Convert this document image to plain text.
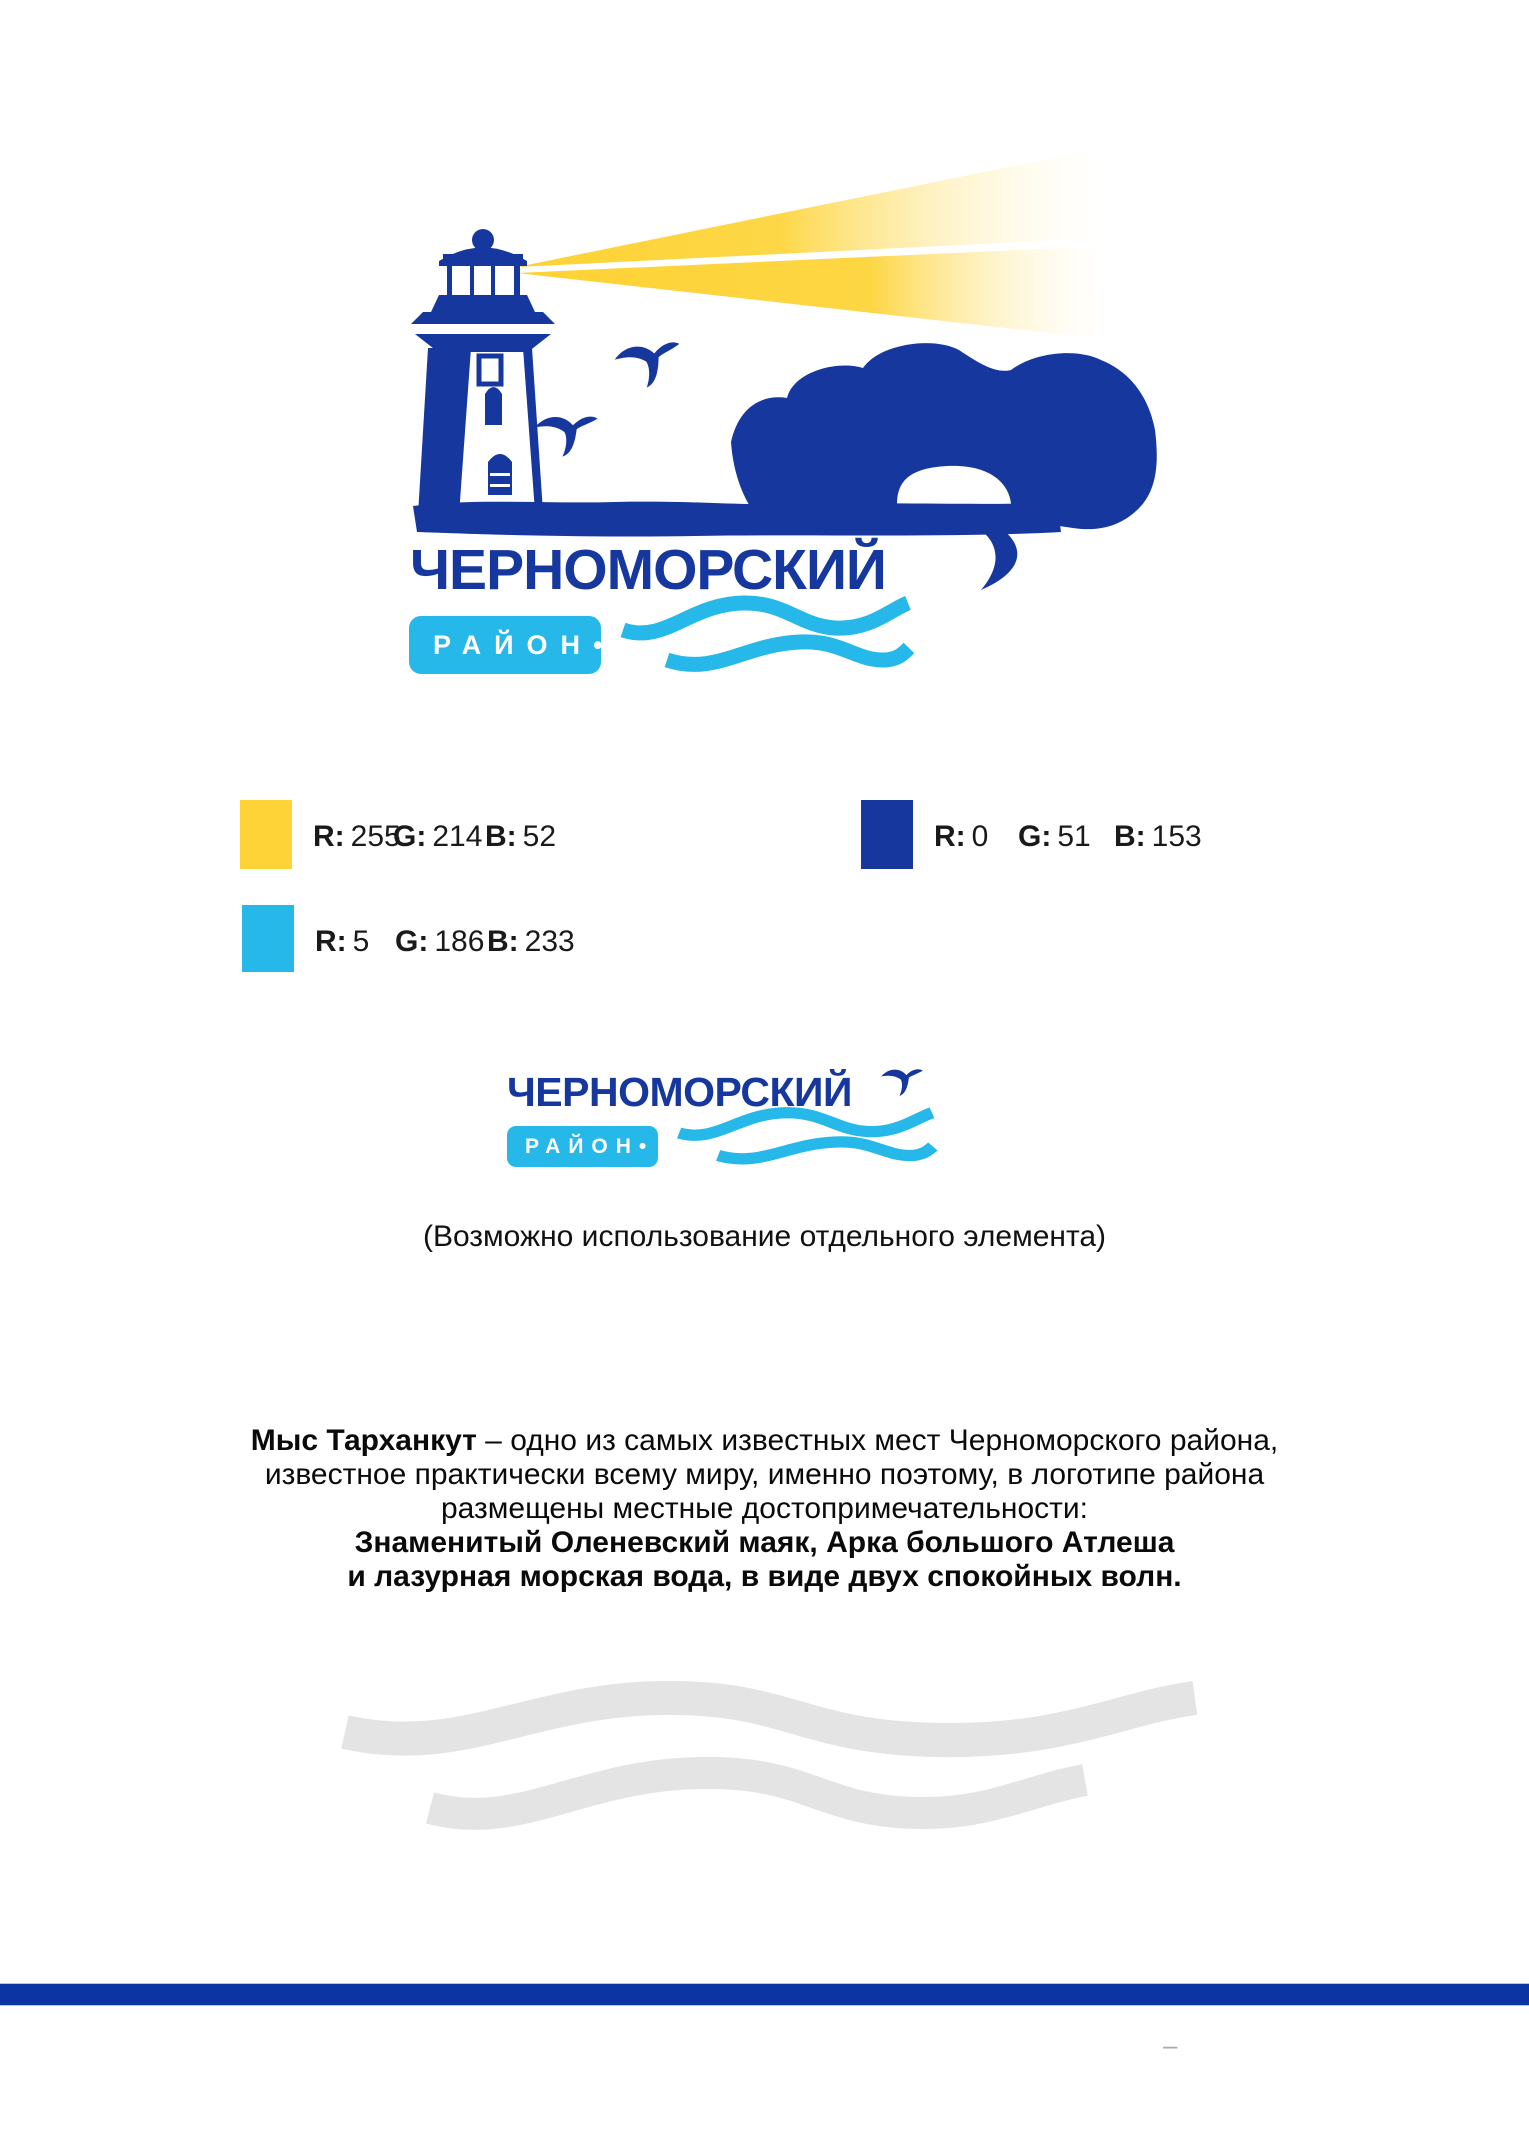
ЧЕРНОМОРСКИЙ
РАЙОН•
R: 255
G: 214 B: 52	R: 0 G: 51 B: 153
R: 5 G: 186 B: 233
ЧЕРНОМОРСКИЙ
РАЙОН•
(Возможно использование отдельного элемента)
Мыс Тарханкут – одно из самых известных мест Черноморского района,
известное практически всему миру, именно поэтому, в логотипе района
размещены местные достопримечательности:
Знаменитый Оленевский маяк, Арка большого Атлеша
и лазурная морская вода, в виде двух спокойных волн.
–
